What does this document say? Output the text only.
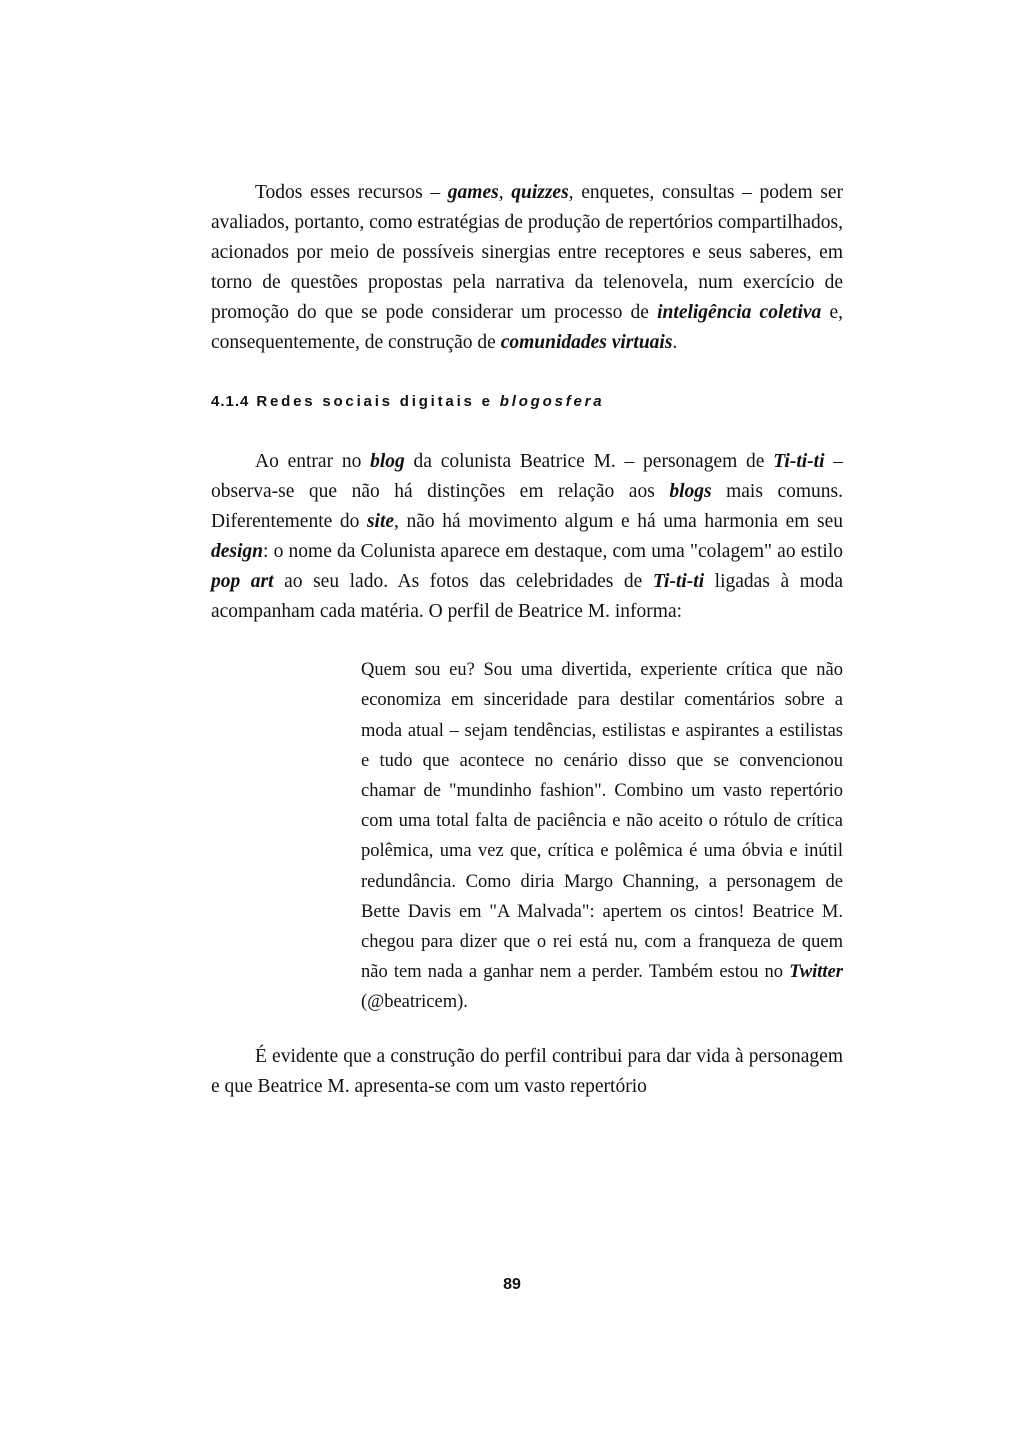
Todos esses recursos – games, quizzes, enquetes, consultas – podem ser avaliados, portanto, como estratégias de produção de repertórios compartilhados, acionados por meio de possíveis sinergias entre receptores e seus saberes, em torno de questões propostas pela narrativa da telenovela, num exercício de promoção do que se pode considerar um processo de inteligência coletiva e, consequentemente, de construção de comunidades virtuais.

4.1.4 Redes sociais digitais e blogosfera

Ao entrar no blog da colunista Beatrice M. – personagem de Ti-ti-ti – observa-se que não há distinções em relação aos blogs mais comuns. Diferentemente do site, não há movimento algum e há uma harmonia em seu design: o nome da Colunista aparece em destaque, com uma "colagem" ao estilo pop art ao seu lado. As fotos das celebridades de Ti-ti-ti ligadas à moda acompanham cada matéria. O perfil de Beatrice M. informa:

Quem sou eu? Sou uma divertida, experiente crítica que não economiza em sinceridade para destilar comentários sobre a moda atual – sejam tendências, estilistas e aspirantes a estilistas e tudo que acontece no cenário disso que se convencionou chamar de "mundinho fashion". Combino um vasto repertório com uma total falta de paciência e não aceito o rótulo de crítica polêmica, uma vez que, crítica e polêmica é uma óbvia e inútil redundância. Como diria Margo Channing, a personagem de Bette Davis em "A Malvada": apertem os cintos! Beatrice M. chegou para dizer que o rei está nu, com a franqueza de quem não tem nada a ganhar nem a perder. Também estou no Twitter (@beatricem).

É evidente que a construção do perfil contribui para dar vida à personagem e que Beatrice M. apresenta-se com um vasto repertório

89
